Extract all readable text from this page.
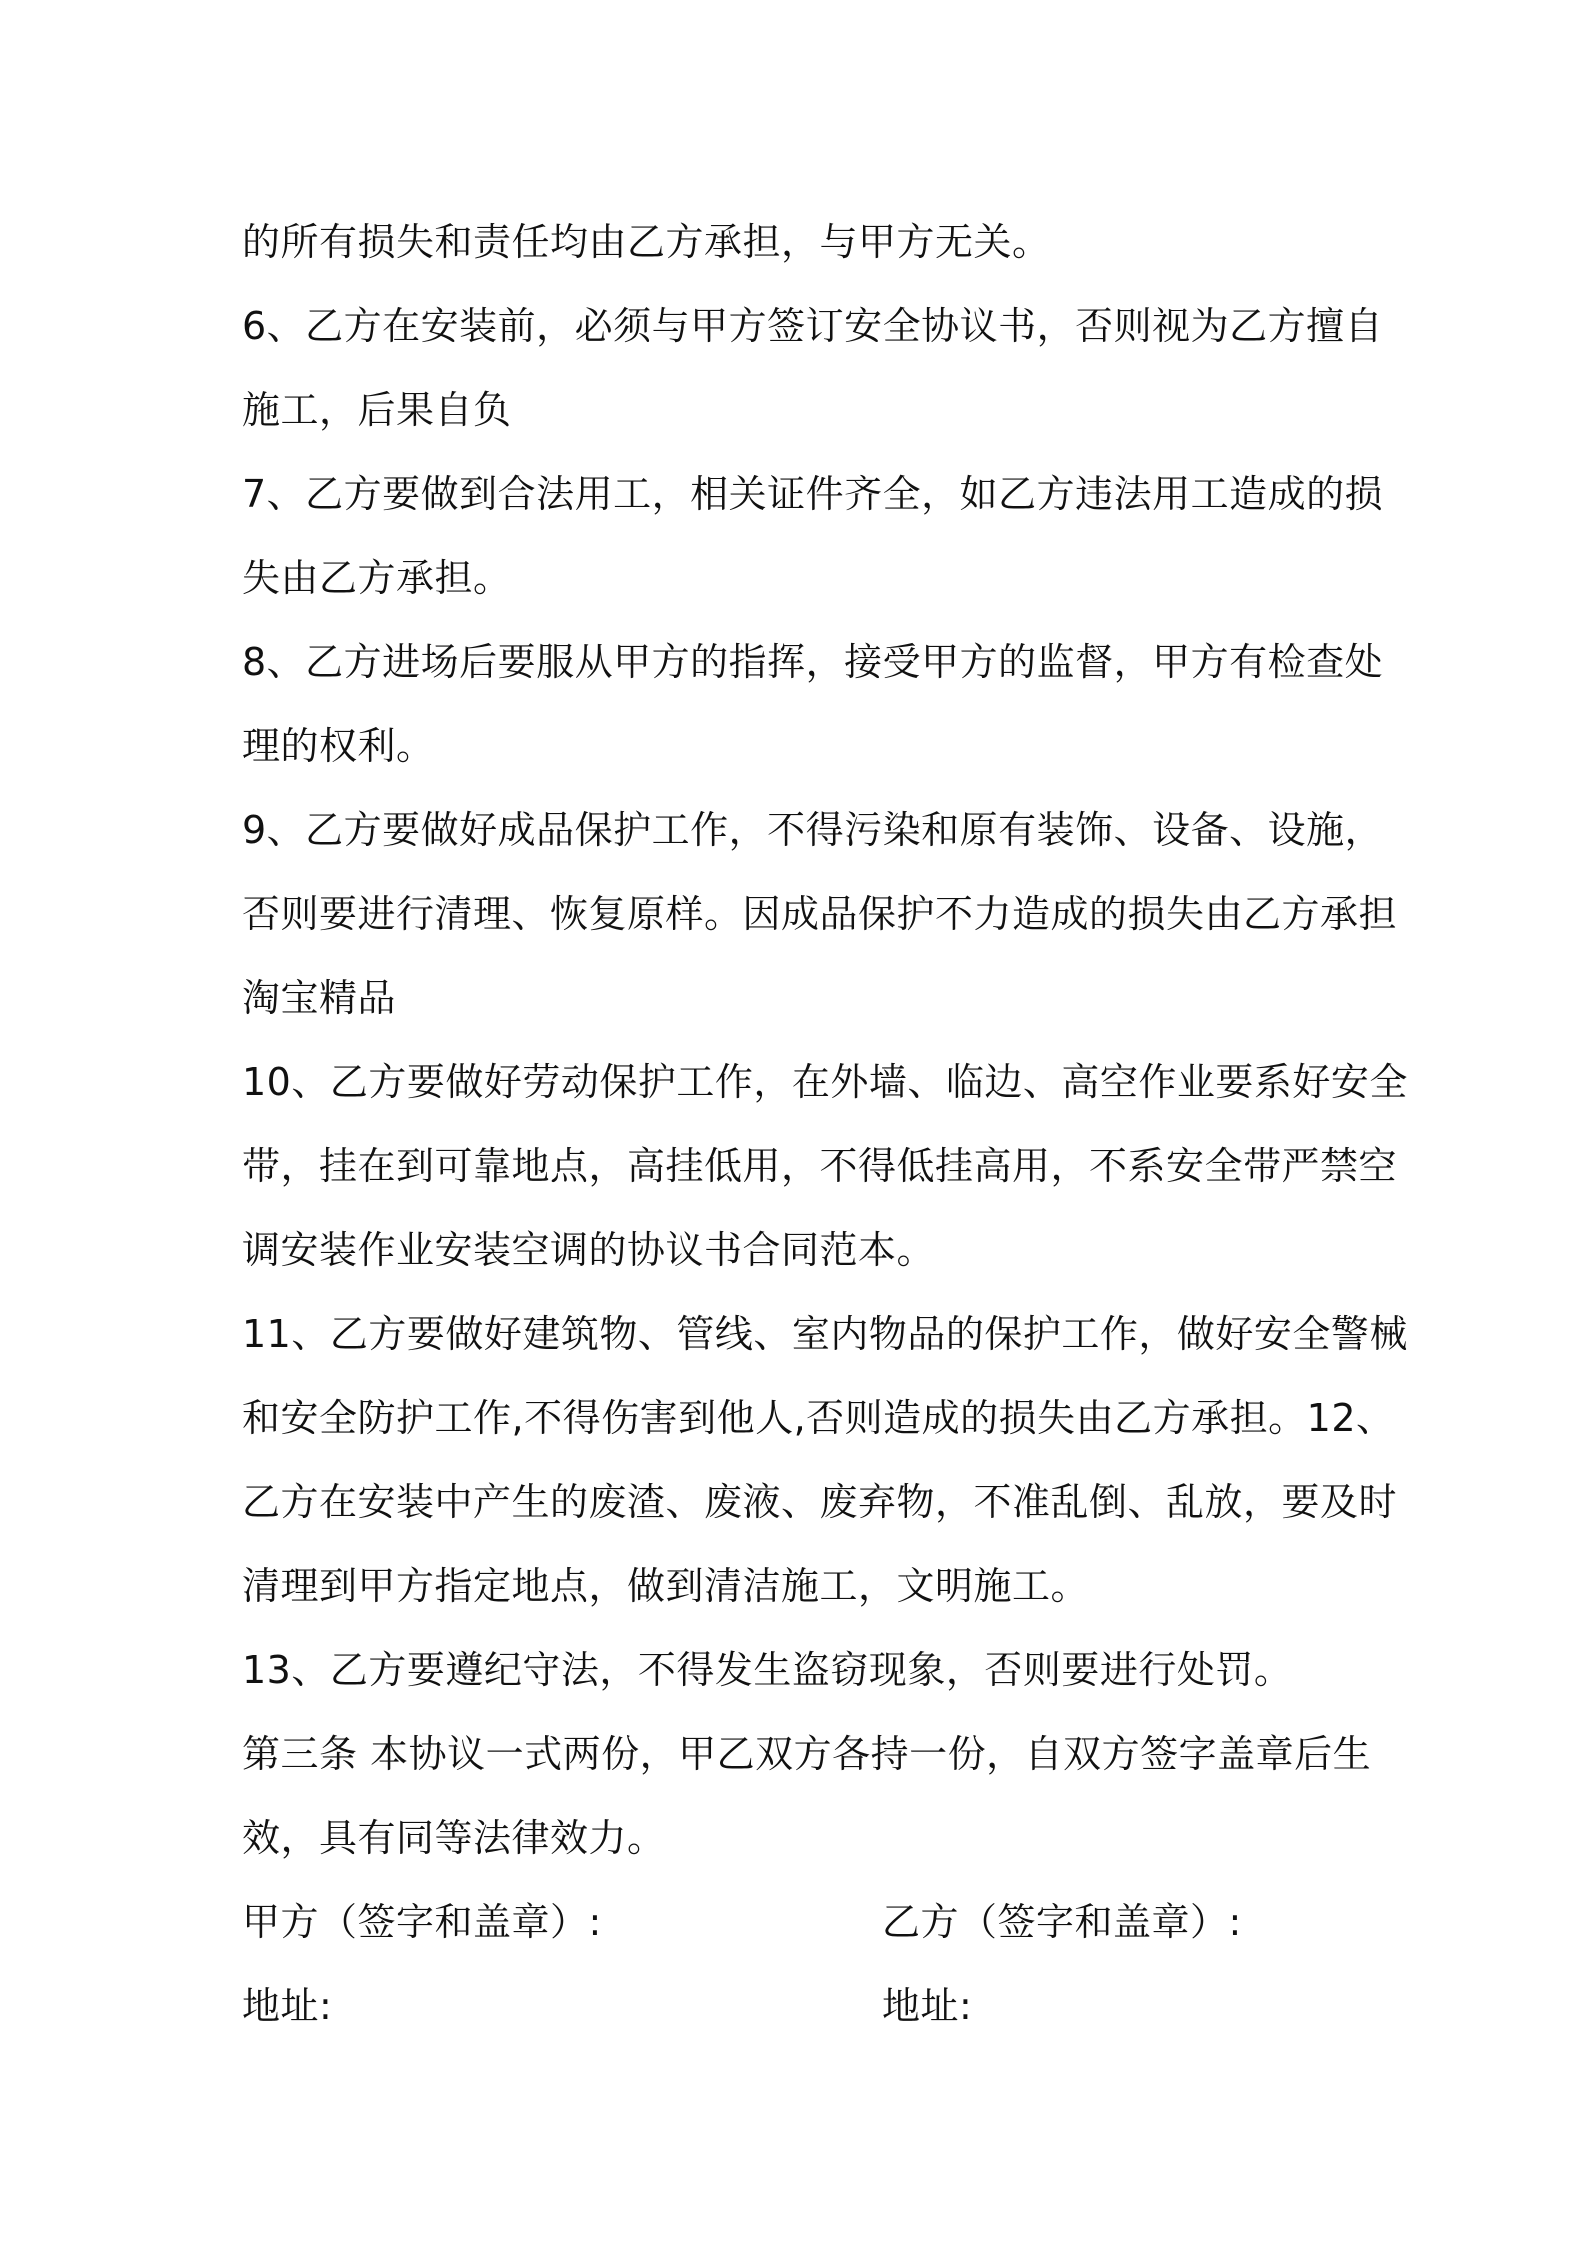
的所有损失和责任均由乙方承担，与甲方无关。
6、乙方在安装前，必须与甲方签订安全协议书，否则视为乙方擅自
施工，后果自负
7、乙方要做到合法用工，相关证件齐全，如乙方违法用工造成的损
失由乙方承担。
8、乙方进场后要服从甲方的指挥，接受甲方的监督，甲方有检查处
理的权利。
9、乙方要做好成品保护工作，不得污染和原有装饰、设备、设施，
否则要进行清理、恢复原样。因成品保护不力造成的损失由乙方承担
淘宝精品
10、乙方要做好劳动保护工作，在外墙、临边、高空作业要系好安全
带，挂在到可靠地点，高挂低用，不得低挂高用，不系安全带严禁空
调安装作业安装空调的协议书合同范本。
11、乙方要做好建筑物、管线、室内物品的保护工作，做好安全警械
和安全防护工作,不得伤害到他人,否则造成的损失由乙方承担。12、
乙方在安装中产生的废渣、废液、废弃物，不准乱倒、乱放，要及时
清理到甲方指定地点，做到清洁施工，文明施工。
13、乙方要遵纪守法，不得发生盗窃现象，否则要进行处罚。
第三条 本协议一式两份，甲乙双方各持一份，自双方签字盖章后生
效，具有同等法律效力。
甲方（签字和盖章）:	乙方（签字和盖章）:
地址:	地址:
